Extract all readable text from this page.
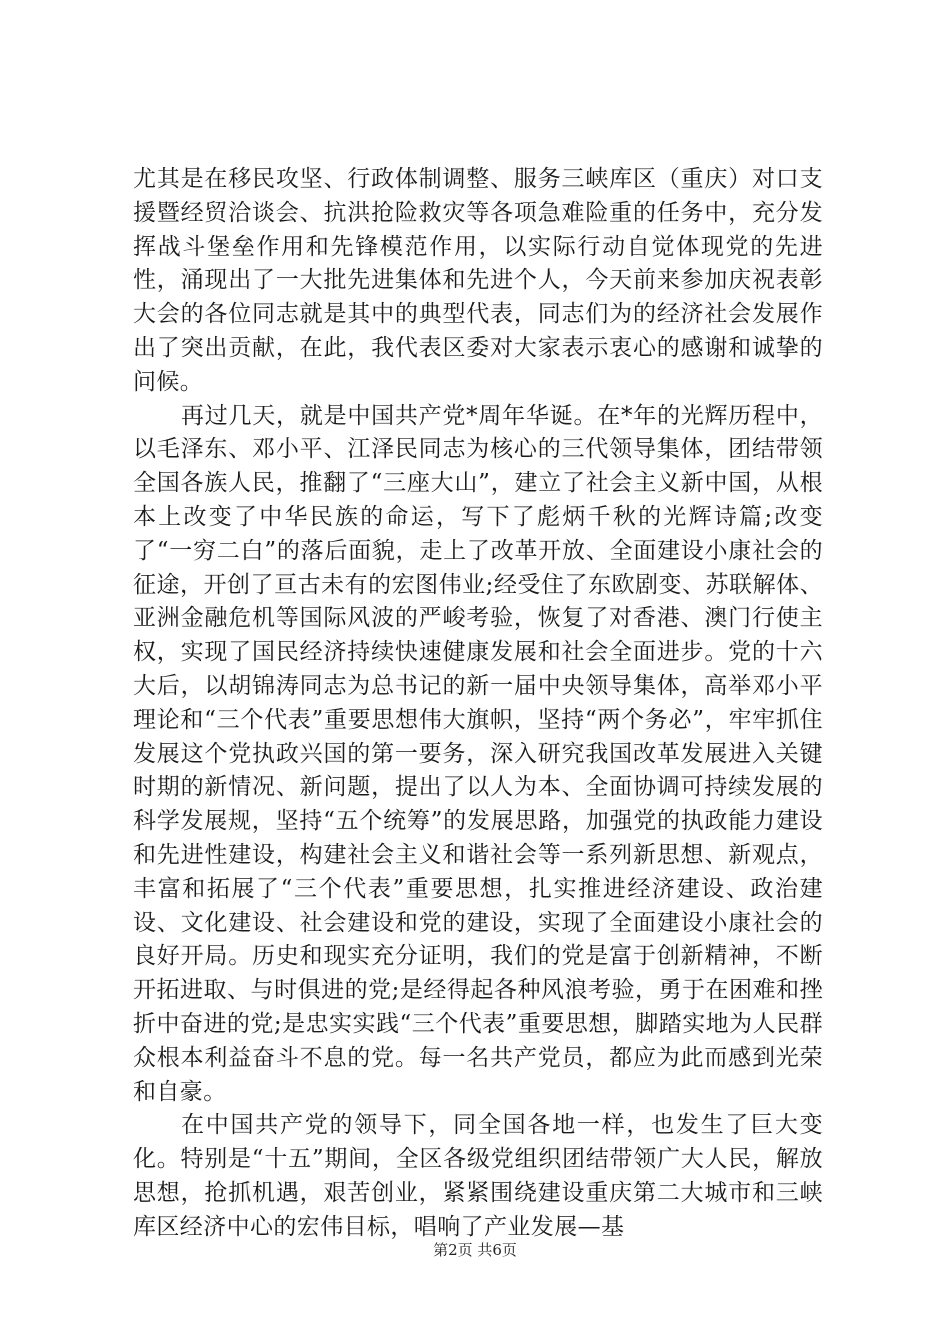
尤其是在移民攻坚、行政体制调整、服务三峡库区（重庆）对口支援暨经贸洽谈会、抗洪抢险救灾等各项急难险重的任务中，充分发挥战斗堡垒作用和先锋模范作用，以实际行动自觉体现党的先进性，涌现出了一大批先进集体和先进个人，今天前来参加庆祝表彰大会的各位同志就是其中的典型代表，同志们为的经济社会发展作出了突出贡献，在此，我代表区委对大家表示衷心的感谢和诚挚的问候。

再过几天，就是中国共产党*周年华诞。在*年的光辉历程中，以毛泽东、邓小平、江泽民同志为核心的三代领导集体，团结带领全国各族人民，推翻了“三座大山”，建立了社会主义新中国，从根本上改变了中华民族的命运，写下了彪炳千秋的光辉诗篇;改变了“一穷二白”的落后面貌，走上了改革开放、全面建设小康社会的征途，开创了亘古未有的宏图伟业;经受住了东欧剧变、苏联解体、亚洲金融危机等国际风波的严峻考验，恢复了对香港、澳门行使主权，实现了国民经济持续快速健康发展和社会全面进步。党的十六大后，以胡锦涛同志为总书记的新一届中央领导集体，高举邓小平理论和“三个代表”重要思想伟大旗帜，坚持“两个务必”，牢牢抓住发展这个党执政兴国的第一要务，深入研究我国改革发展进入关键时期的新情况、新问题，提出了以人为本、全面协调可持续发展的科学发展规，坚持“五个统筹”的发展思路，加强党的执政能力建设和先进性建设，构建社会主义和谐社会等一系列新思想、新观点，丰富和拓展了“三个代表”重要思想，扎实推进经济建设、政治建设、文化建设、社会建设和党的建设，实现了全面建设小康社会的良好开局。历史和现实充分证明，我们的党是富于创新精神，不断开拓进取、与时俱进的党;是经得起各种风浪考验，勇于在困难和挫折中奋进的党;是忠实实践“三个代表”重要思想，脚踏实地为人民群众根本利益奋斗不息的党。每一名共产党员，都应为此而感到光荣和自豪。

在中国共产党的领导下，同全国各地一样，也发生了巨大变化。特别是“十五”期间，全区各级党组织团结带领广大人民，解放思想，抢抓机遇，艰苦创业，紧紧围绕建设重庆第二大城市和三峡库区经济中心的宏伟目标，唱响了产业发展—基

第2页 共6页
